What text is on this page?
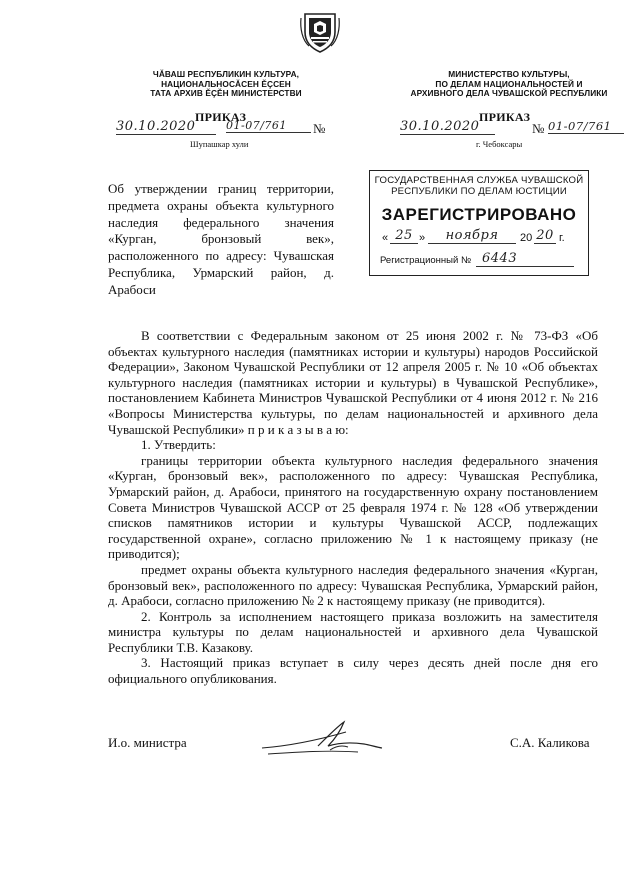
ЧĂВАШ РЕСПУБЛИКИН КУЛЬТУРА,
НАЦИОНАЛЬНОСĂСЕН ĔÇСЕН
ТАТА АРХИВ ĔÇĔН МИНИСТЕРСТВИ
ПРИКАЗ
30.10.2020	01-07/761	№
Шупашкар хули
МИНИСТЕРСТВО КУЛЬТУРЫ,
ПО ДЕЛАМ НАЦИОНАЛЬНОСТЕЙ И
АРХИВНОГО ДЕЛА ЧУВАШСКОЙ РЕСПУБЛИКИ
ПРИКАЗ
30.10.2020	№ 01-07/761
г. Чебоксары
Об утверждении границ территории, предмета охраны объекта культурного наследия федерального значения «Курган, бронзовый век», расположенного по адресу: Чувашская Республика, Урмарский район, д. Арабоси
ГОСУДАРСТВЕННАЯ СЛУЖБА ЧУВАШСКОЙ
РЕСПУБЛИКИ ПО ДЕЛАМ ЮСТИЦИИ
ЗАРЕГИСТРИРОВАНО
« 25 »	ноября	20 20 г.
Регистрационный № 6443

В соответствии с Федеральным законом от 25 июня 2002 г. № 73-ФЗ «Об объектах культурного наследия (памятниках истории и культуры) народов Российской Федерации», Законом Чувашской Республики от 12 апреля 2005 г. № 10 «Об объектах культурного наследия (памятниках истории и культуры) в Чувашской Республике», постановлением Кабинета Министров Чувашской Республики от 4 июня 2012 г. № 216 «Вопросы Министерства культуры, по делам национальностей и архивного дела Чувашской Республики» п р и к а з ы в а ю:

1. Утвердить:

границы территории объекта культурного наследия федерального значения «Курган, бронзовый век», расположенного по адресу: Чувашская Республика, Урмарский район, д. Арабоси, принятого на государственную охрану постановлением Совета Министров Чувашской АССР от 25 февраля 1974 г. № 128 «Об утверждении списков памятников истории и культуры Чувашской АССР, подлежащих государственной охране», согласно приложению № 1 к настоящему приказу (не приводится);

предмет охраны объекта культурного наследия федерального значения «Курган, бронзовый век», расположенного по адресу: Чувашская Республика, Урмарский район, д. Арабоси, согласно приложению № 2 к настоящему приказу (не приводится).

2. Контроль за исполнением настоящего приказа возложить на заместителя министра культуры по делам национальностей и архивного дела Чувашской Республики Т.В. Казакову.

3. Настоящий приказ вступает в силу через десять дней после дня его официального опубликования.

И.о. министра	С.А. Каликова
